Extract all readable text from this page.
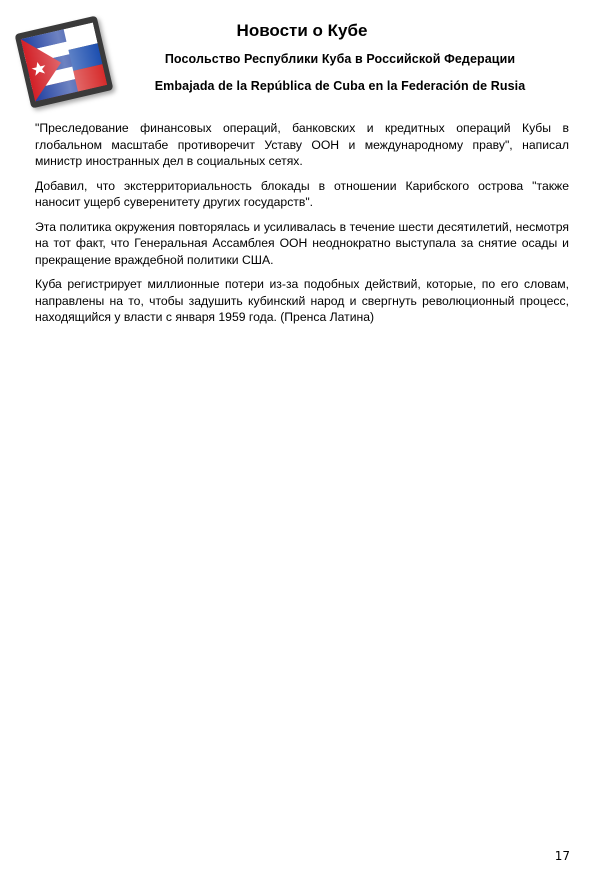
Новости о Кубе
Посольство Республики Куба в Российской Федерации
Embajada de la República de Cuba en la Federación de Rusia

"Преследование финансовых операций, банковских и кредитных операций Кубы в глобальном масштабе противоречит Уставу ООН и международному праву", написал министр иностранных дел в социальных сетях.

Добавил, что экстерриториальность блокады в отношении Карибского острова "также наносит ущерб суверенитету других государств".

Эта политика окружения повторялась и усиливалась в течение шести десятилетий, несмотря на тот факт, что Генеральная Ассамблея ООН неоднократно выступала за снятие осады и прекращение враждебной политики США.

Куба регистрирует миллионные потери из-за подобных действий, которые, по его словам, направлены на то, чтобы задушить кубинский народ и свергнуть революционный процесс, находящийся у власти с января 1959 года. (Пренса Латина)

17
